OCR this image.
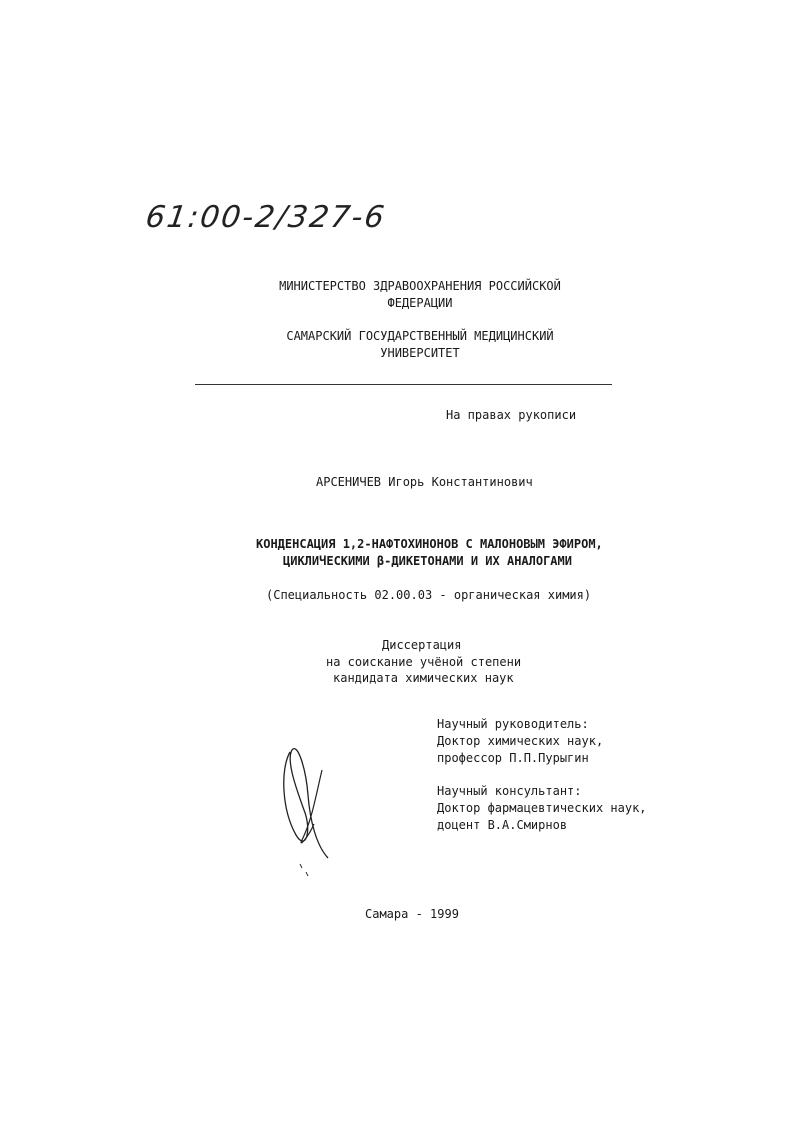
61:00-2/327-6
МИНИСТЕРСТВО ЗДРАВООХРАНЕНИЯ РОССИЙСКОЙ
ФЕДЕРАЦИИ
САМАРСКИЙ ГОСУДАРСТВЕННЫЙ МЕДИЦИНСКИЙ
УНИВЕРСИТЕТ
На правах рукописи
АРСЕНИЧЕВ Игорь Константинович
КОНДЕНСАЦИЯ 1,2-НАФТОХИНОНОВ С МАЛОНОВЫМ ЭФИРОМ,
ЦИКЛИЧЕСКИМИ β-ДИКЕТОНАМИ И ИХ АНАЛОГАМИ
(Специальность 02.00.03 - органическая химия)
Диссертация
на соискание учёной степени
кандидата химических наук
Научный руководитель:
Доктор химических наук,
профессор П.П.Пурыгин
Научный консультант:
Доктор фармацевтических наук,
доцент В.А.Смирнов
Самара - 1999
